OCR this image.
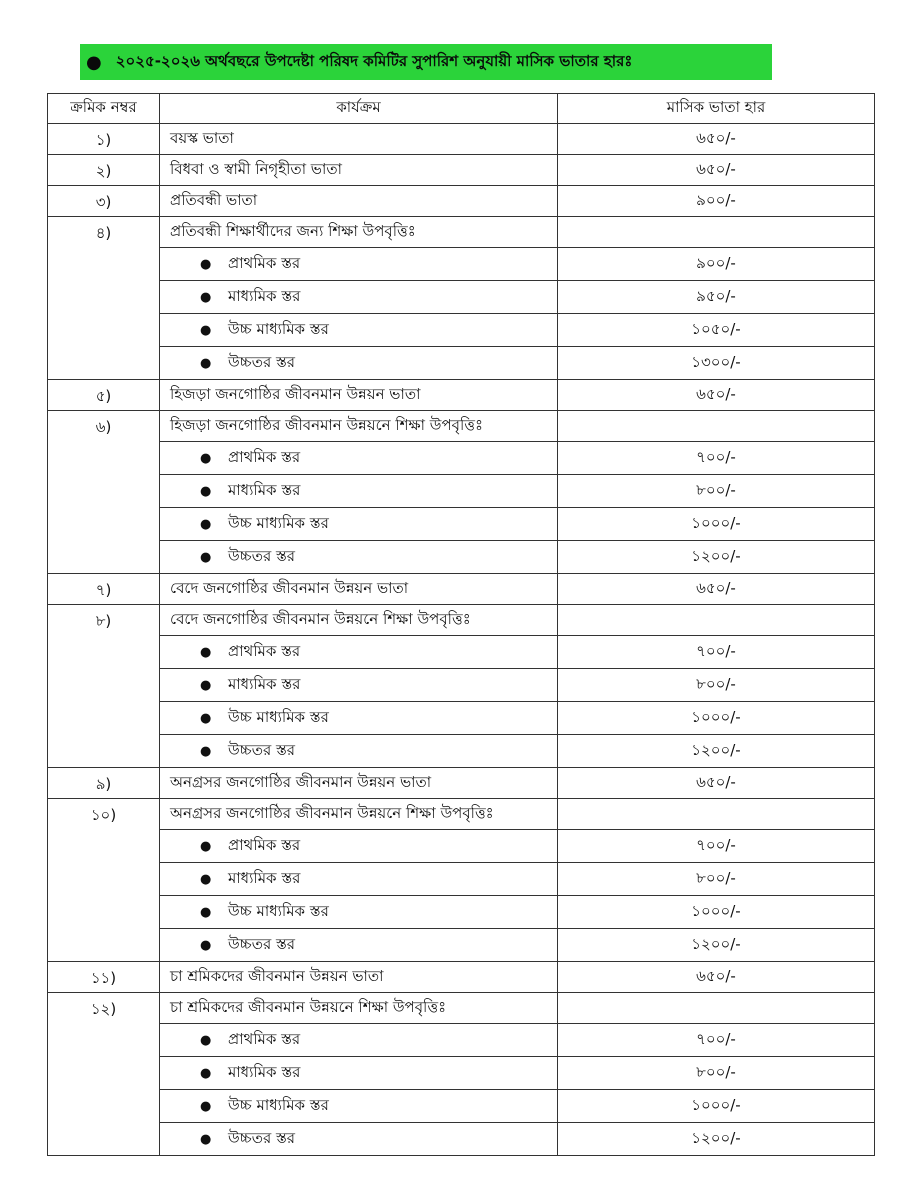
● ২০২৫-২০২৬ অর্থবছরে উপদেষ্টা পরিষদ কমিটির সুপারিশ অনুযায়ী মাসিক ভাতার হারঃ
ক্রমিক নম্বর	কার্যক্রম	মাসিক ভাতা হার
১)	বয়স্ক ভাতা	৬৫০/-
২)	বিধবা ও স্বামী নিগৃহীতা ভাতা	৬৫০/-
৩)	প্রতিবন্ধী ভাতা	৯০০/-
৪)	প্রতিবন্ধী শিক্ষার্থীদের জন্য শিক্ষা উপবৃত্তিঃ	
	● প্রাথমিক স্তর	৯০০/-
	● মাধ্যমিক স্তর	৯৫০/-
	● উচ্চ মাধ্যমিক স্তর	১০৫০/-
	● উচ্চতর স্তর	১৩০০/-
৫)	হিজড়া জনগোষ্ঠির জীবনমান উন্নয়ন ভাতা	৬৫০/-
৬)	হিজড়া জনগোষ্ঠির জীবনমান উন্নয়নে শিক্ষা উপবৃত্তিঃ	
	● প্রাথমিক স্তর	৭০০/-
	● মাধ্যমিক স্তর	৮০০/-
	● উচ্চ মাধ্যমিক স্তর	১০০০/-
	● উচ্চতর স্তর	১২০০/-
৭)	বেদে জনগোষ্ঠির জীবনমান উন্নয়ন ভাতা	৬৫০/-
৮)	বেদে জনগোষ্ঠির জীবনমান উন্নয়নে শিক্ষা উপবৃত্তিঃ	
	● প্রাথমিক স্তর	৭০০/-
	● মাধ্যমিক স্তর	৮০০/-
	● উচ্চ মাধ্যমিক স্তর	১০০০/-
	● উচ্চতর স্তর	১২০০/-
৯)	অনগ্রসর জনগোষ্ঠির জীবনমান উন্নয়ন ভাতা	৬৫০/-
১০)	অনগ্রসর জনগোষ্ঠির জীবনমান উন্নয়নে শিক্ষা উপবৃত্তিঃ	
	● প্রাথমিক স্তর	৭০০/-
	● মাধ্যমিক স্তর	৮০০/-
	● উচ্চ মাধ্যমিক স্তর	১০০০/-
	● উচ্চতর স্তর	১২০০/-
১১)	চা শ্রমিকদের জীবনমান উন্নয়ন ভাতা	৬৫০/-
১২)	চা শ্রমিকদের জীবনমান উন্নয়নে শিক্ষা উপবৃত্তিঃ	
	● প্রাথমিক স্তর	৭০০/-
	● মাধ্যমিক স্তর	৮০০/-
	● উচ্চ মাধ্যমিক স্তর	১০০০/-
	● উচ্চতর স্তর	১২০০/-
